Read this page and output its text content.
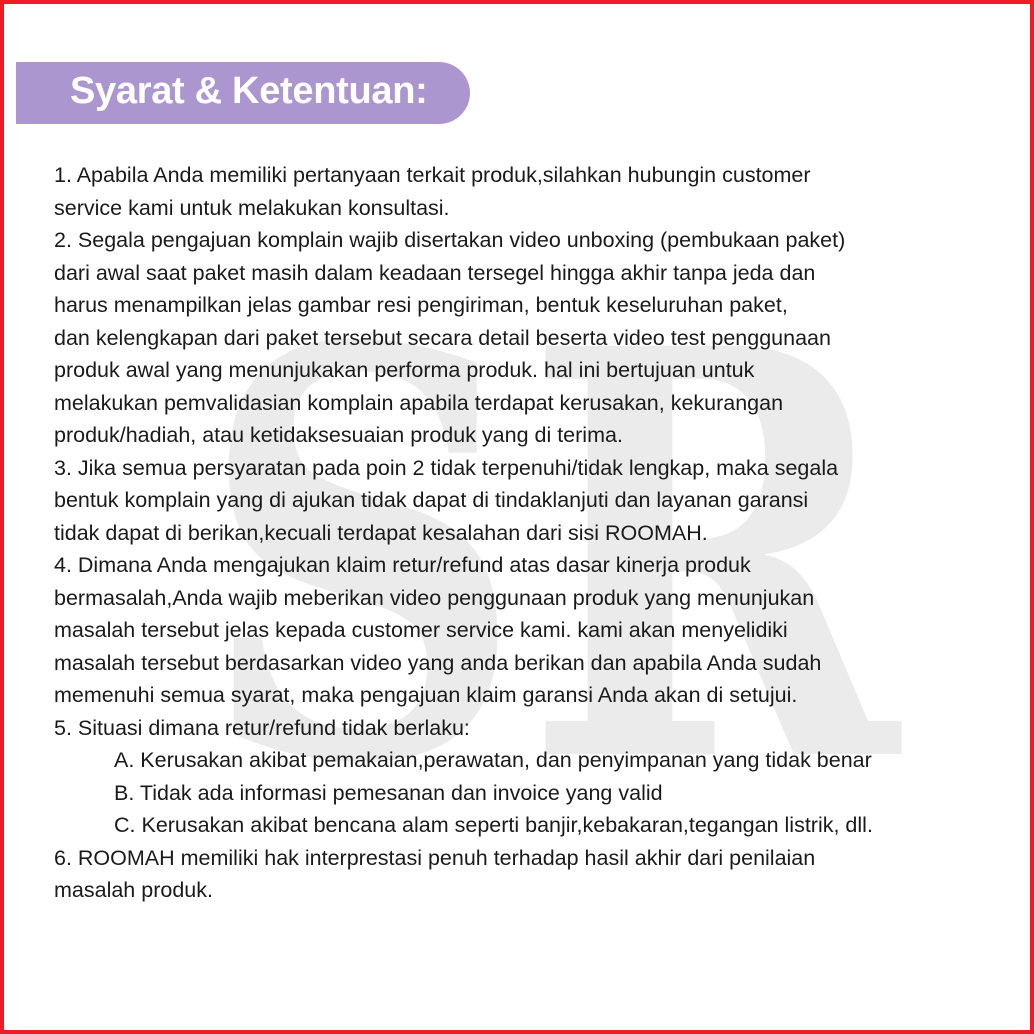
SR
Syarat & Ketentuan:
1. Apabila Anda memiliki pertanyaan terkait produk,silahkan hubungin customer
service kami untuk melakukan konsultasi.
2. Segala pengajuan komplain wajib disertakan video unboxing (pembukaan paket)
dari awal saat paket masih dalam keadaan tersegel hingga akhir tanpa jeda dan
harus menampilkan jelas gambar resi pengiriman, bentuk keseluruhan paket,
dan kelengkapan dari paket tersebut secara detail beserta video test penggunaan
produk awal yang menunjukakan performa produk. hal ini bertujuan untuk
melakukan pemvalidasian komplain apabila terdapat kerusakan, kekurangan
produk/hadiah, atau ketidaksesuaian produk yang di terima.
3. Jika semua persyaratan pada poin 2 tidak terpenuhi/tidak lengkap, maka segala
bentuk komplain yang di ajukan tidak dapat di tindaklanjuti dan layanan garansi
tidak dapat di berikan,kecuali terdapat kesalahan dari sisi ROOMAH.
4. Dimana Anda mengajukan klaim retur/refund atas dasar kinerja produk
bermasalah,Anda wajib meberikan video penggunaan produk yang menunjukan
masalah tersebut jelas kepada customer service kami. kami akan menyelidiki
masalah tersebut berdasarkan video yang anda berikan dan apabila Anda sudah
memenuhi semua syarat, maka pengajuan klaim garansi Anda akan di setujui.
5. Situasi dimana retur/refund tidak berlaku:
A. Kerusakan akibat pemakaian,perawatan, dan penyimpanan yang tidak benar
B. Tidak ada informasi pemesanan dan invoice yang valid
C. Kerusakan akibat bencana alam seperti banjir,kebakaran,tegangan listrik, dll.
6. ROOMAH memiliki hak interprestasi penuh terhadap hasil akhir dari penilaian
masalah produk.
